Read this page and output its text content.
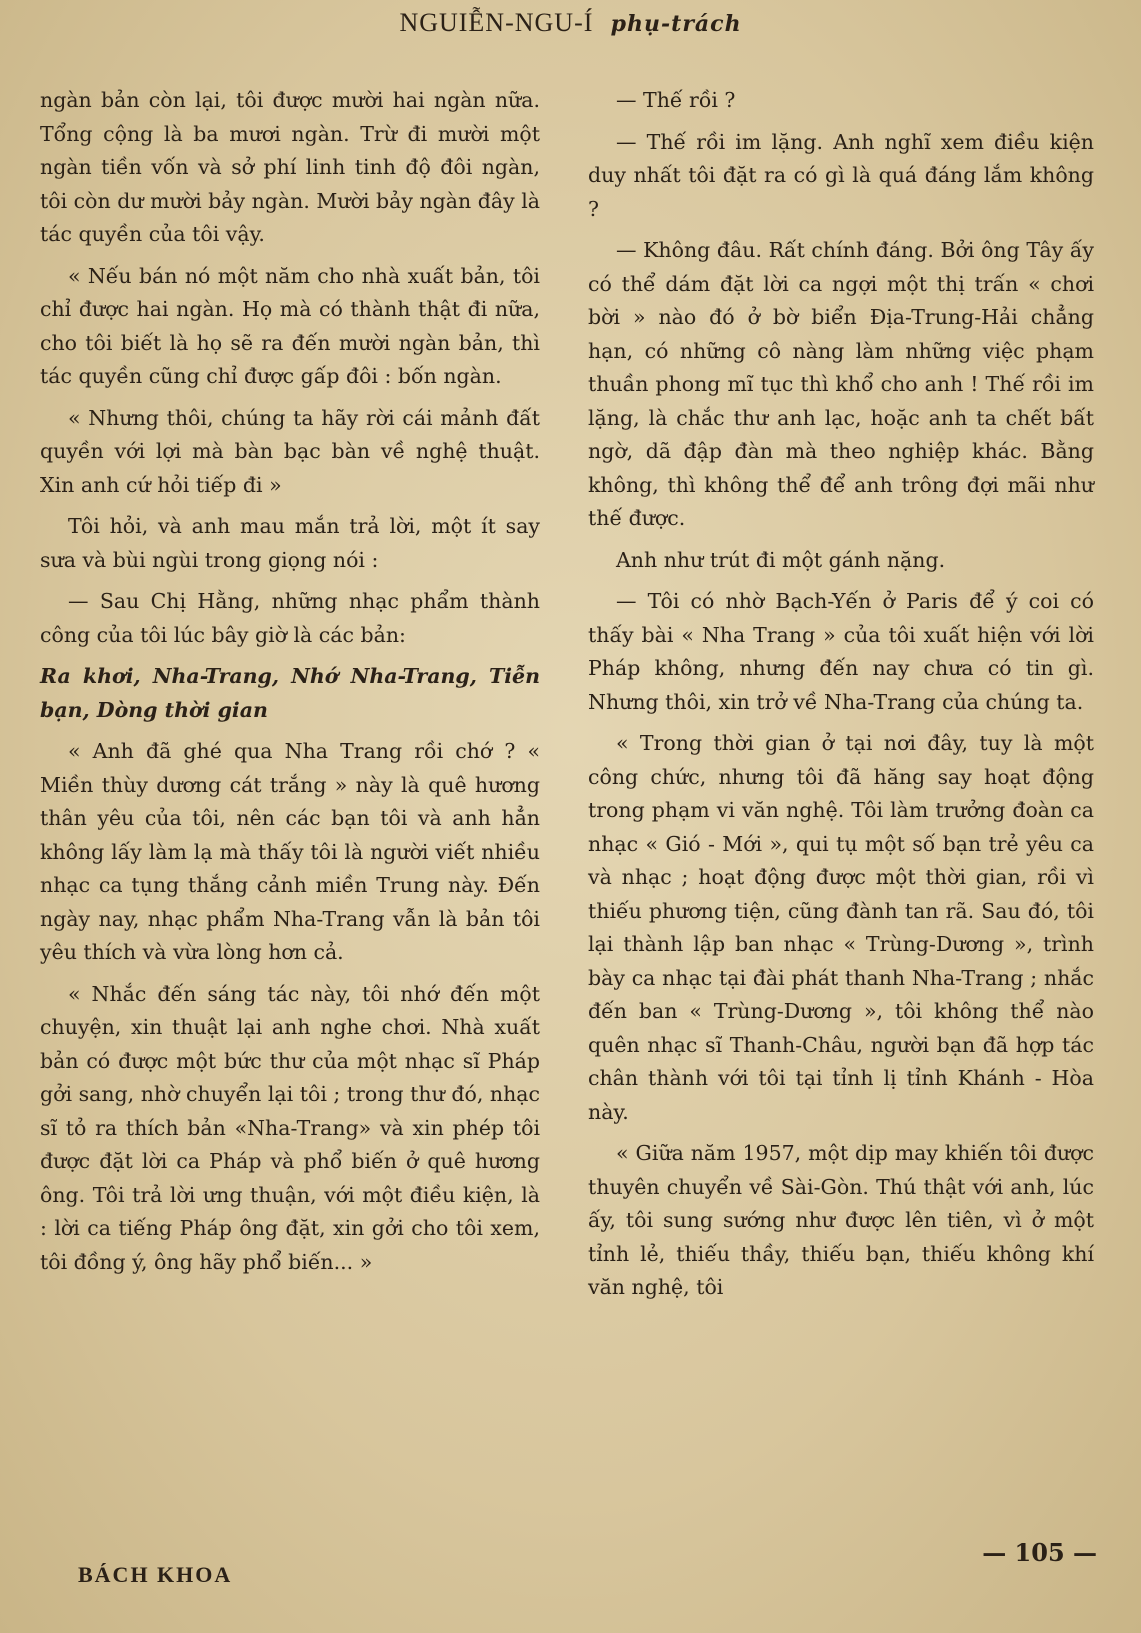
NGUIỄN-NGU-Í phụ-trách

ngàn bản còn lại, tôi được mười hai ngàn nữa. Tổng cộng là ba mươi ngàn. Trừ đi mười một ngàn tiền vốn và sở phí linh tinh độ đôi ngàn, tôi còn dư mười bảy ngàn. Mười bảy ngàn đây là tác quyền của tôi vậy.

« Nếu bán nó một năm cho nhà xuất bản, tôi chỉ được hai ngàn. Họ mà có thành thật đi nữa, cho tôi biết là họ sẽ ra đến mười ngàn bản, thì tác quyền cũng chỉ được gấp đôi : bốn ngàn.

« Nhưng thôi, chúng ta hãy rời cái mảnh đất quyền với lợi mà bàn bạc bàn về nghệ thuật. Xin anh cứ hỏi tiếp đi »

Tôi hỏi, và anh mau mắn trả lời, một ít say sưa và bùi ngùi trong giọng nói :

— Sau Chị Hằng, những nhạc phẩm thành công của tôi lúc bây giờ là các bản:

Ra khơi, Nha-Trang, Nhớ Nha-Trang, Tiễn bạn, Dòng thời gian

« Anh đã ghé qua Nha Trang rồi chớ ? « Miền thùy dương cát trắng » này là quê hương thân yêu của tôi, nên các bạn tôi và anh hẳn không lấy làm lạ mà thấy tôi là người viết nhiều nhạc ca tụng thắng cảnh miền Trung này. Đến ngày nay, nhạc phẩm Nha-Trang vẫn là bản tôi yêu thích và vừa lòng hơn cả.

« Nhắc đến sáng tác này, tôi nhớ đến một chuyện, xin thuật lại anh nghe chơi. Nhà xuất bản có được một bức thư của một nhạc sĩ Pháp gởi sang, nhờ chuyển lại tôi ; trong thư đó, nhạc sĩ tỏ ra thích bản «Nha-Trang» và xin phép tôi được đặt lời ca Pháp và phổ biến ở quê hương ông. Tôi trả lời ưng thuận, với một điều kiện, là : lời ca tiếng Pháp ông đặt, xin gởi cho tôi xem, tôi đồng ý, ông hãy phổ biến... »

— Thế rồi ?

— Thế rồi im lặng. Anh nghĩ xem điều kiện duy nhất tôi đặt ra có gì là quá đáng lắm không ?

— Không đâu. Rất chính đáng. Bởi ông Tây ấy có thể dám đặt lời ca ngợi một thị trấn « chơi bời » nào đó ở bờ biển Địa-Trung-Hải chẳng hạn, có những cô nàng làm những việc phạm thuần phong mĩ tục thì khổ cho anh ! Thế rồi im lặng, là chắc thư anh lạc, hoặc anh ta chết bất ngờ, dã đập đàn mà theo nghiệp khác. Bằng không, thì không thể để anh trông đợi mãi như thế được.

Anh như trút đi một gánh nặng.

— Tôi có nhờ Bạch-Yến ở Paris để ý coi có thấy bài « Nha Trang » của tôi xuất hiện với lời Pháp không, nhưng đến nay chưa có tin gì. Nhưng thôi, xin trở về Nha-Trang của chúng ta.

« Trong thời gian ở tại nơi đây, tuy là một công chức, nhưng tôi đã hăng say hoạt động trong phạm vi văn nghệ. Tôi làm trưởng đoàn ca nhạc « Gió - Mới », qui tụ một số bạn trẻ yêu ca và nhạc ; hoạt động được một thời gian, rồi vì thiếu phương tiện, cũng đành tan rã. Sau đó, tôi lại thành lập ban nhạc « Trùng-Dương », trình bày ca nhạc tại đài phát thanh Nha-Trang ; nhắc đến ban « Trùng-Dương », tôi không thể nào quên nhạc sĩ Thanh-Châu, người bạn đã hợp tác chân thành với tôi tại tỉnh lị tỉnh Khánh - Hòa này.

« Giữa năm 1957, một dịp may khiến tôi được thuyên chuyển về Sài-Gòn. Thú thật với anh, lúc ấy, tôi sung sướng như được lên tiên, vì ở một tỉnh lẻ, thiếu thầy, thiếu bạn, thiếu không khí văn nghệ, tôi

BÁCH KHOA
— 105 —
